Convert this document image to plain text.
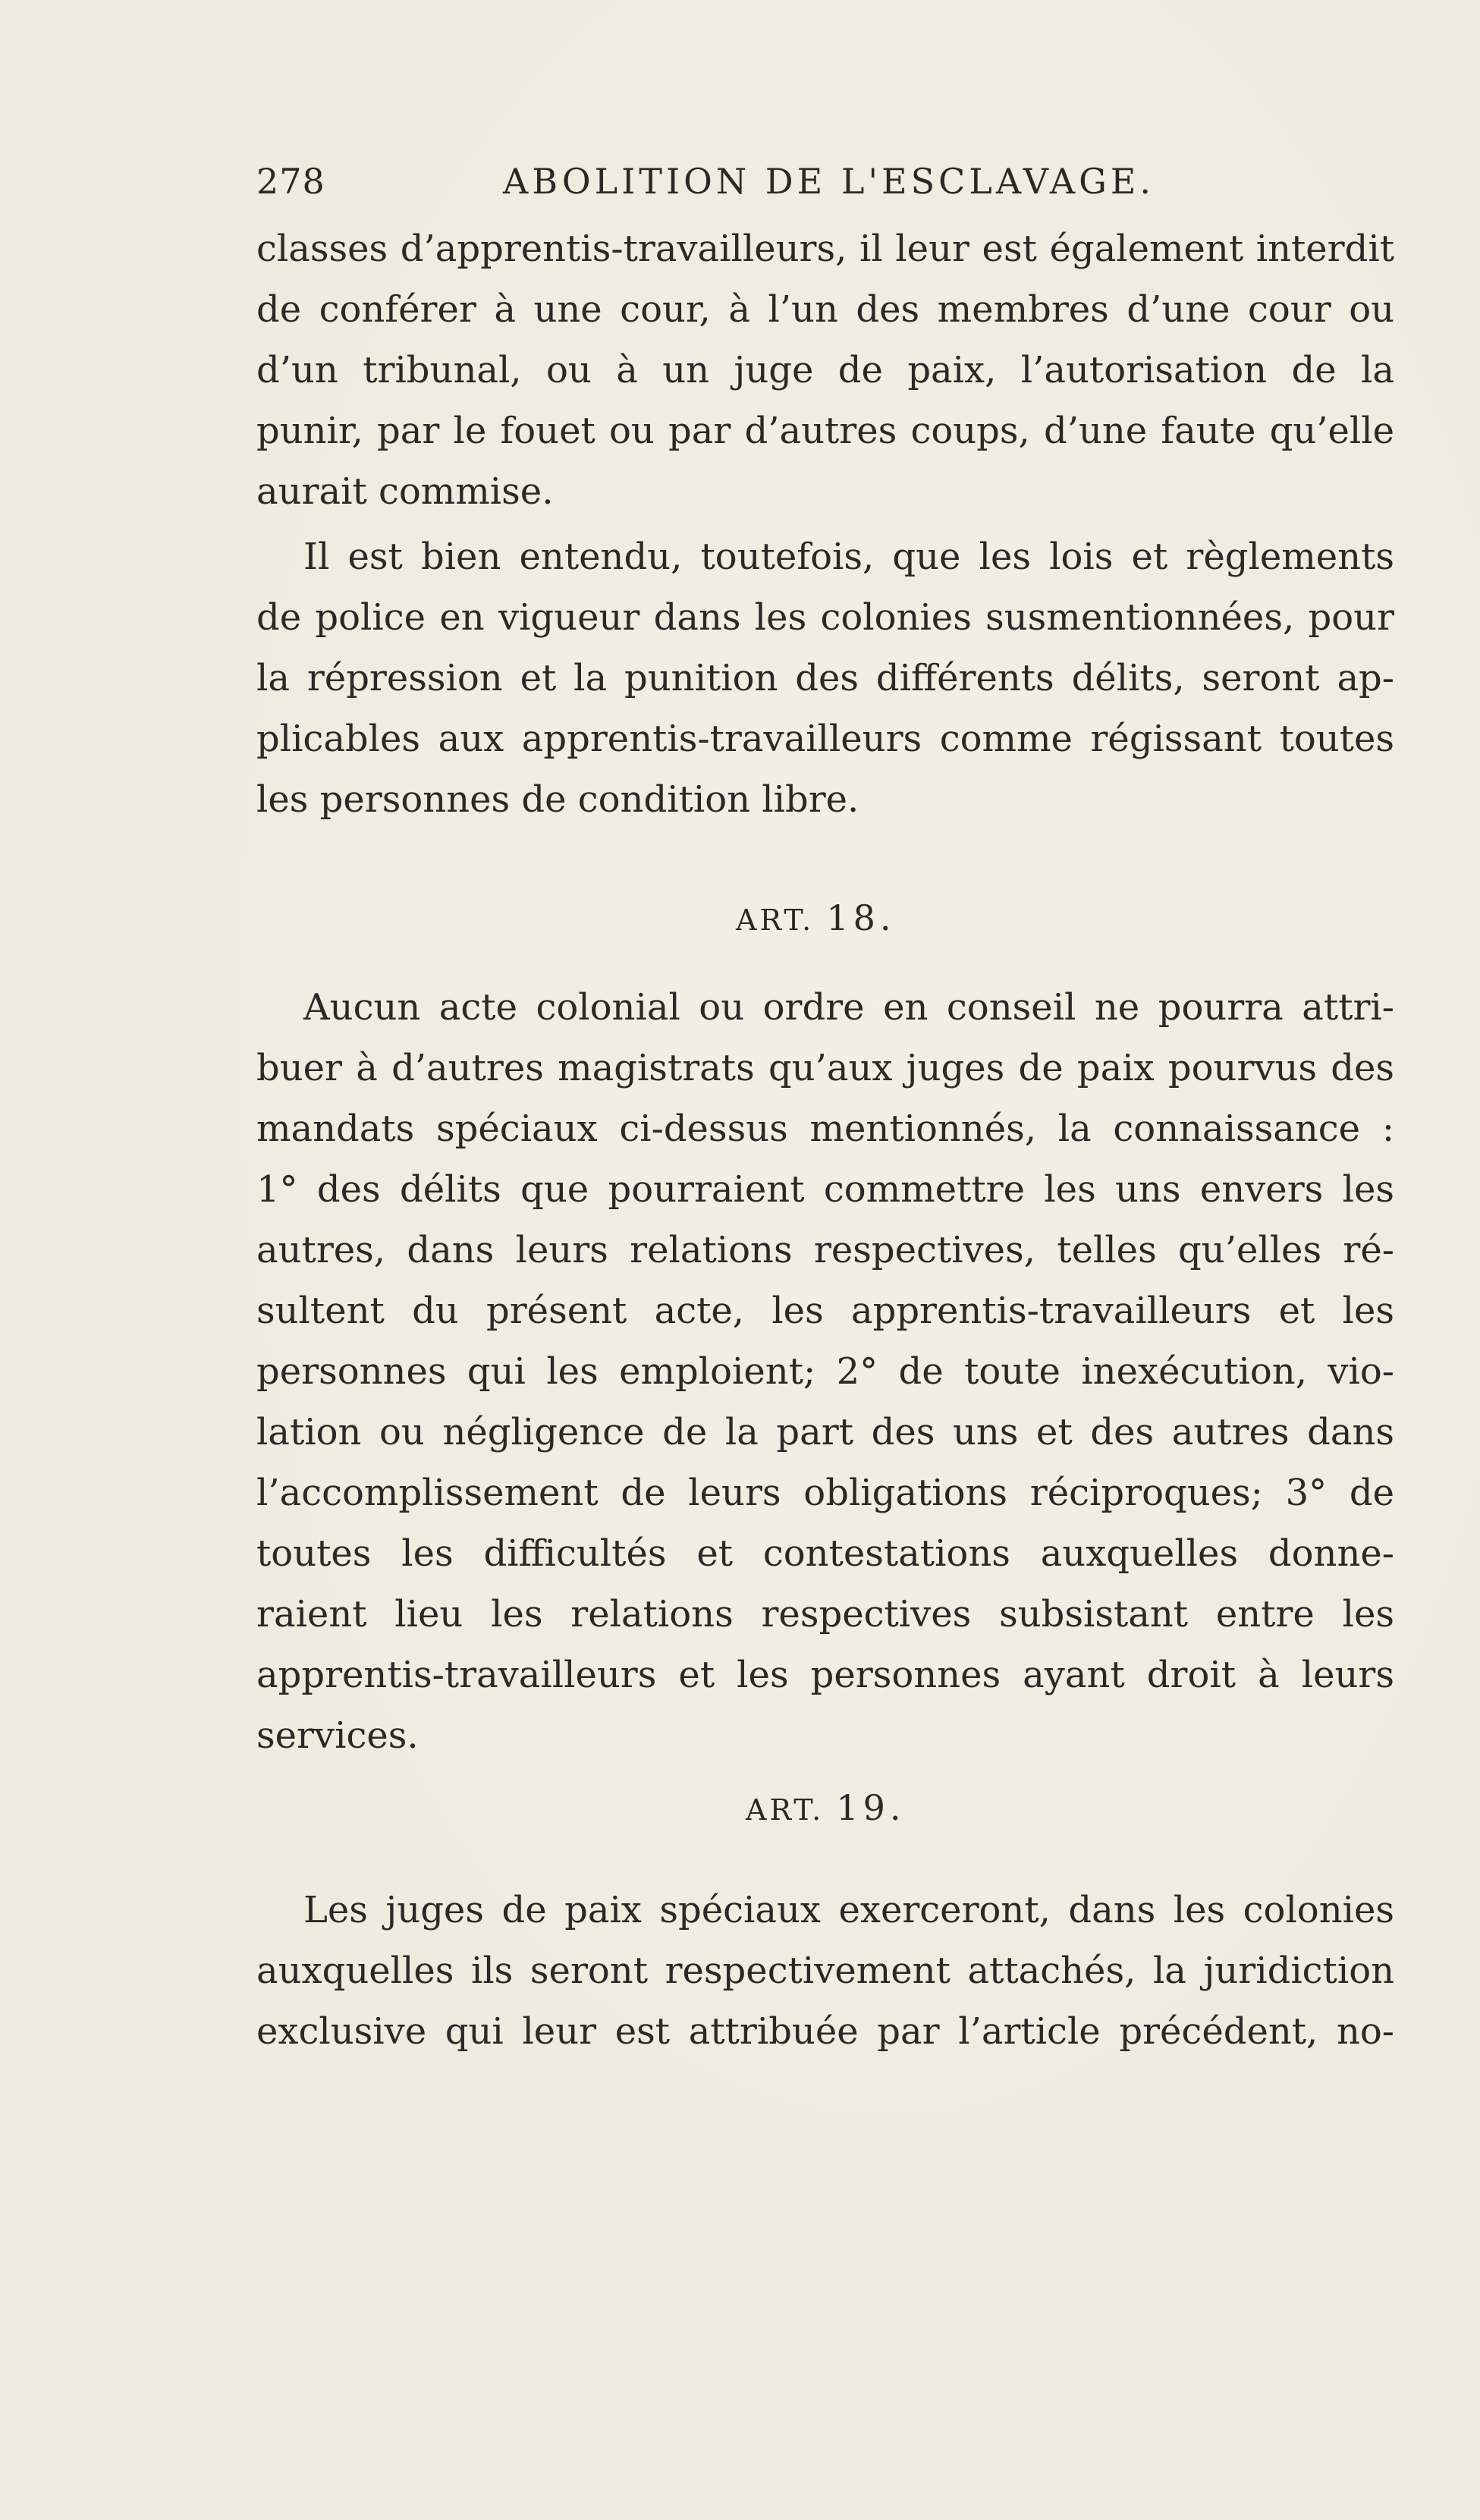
278	ABOLITION DE L'ESCLAVAGE.
classes d’apprentis-travailleurs, il leur est également interdit
de conférer à une cour, à l’un des membres d’une cour ou
d’un tribunal, ou à un juge de paix, l’autorisation de la
punir, par le fouet ou par d’autres coups, d’une faute qu’elle
aurait commise.
Il est bien entendu, toutefois, que les lois et règlements
de police en vigueur dans les colonies susmentionnées, pour
la répression et la punition des différents délits, seront ap-
plicables aux apprentis-travailleurs comme régissant toutes
les personnes de condition libre.
ART. 18.
Aucun acte colonial ou ordre en conseil ne pourra attri-
buer à d’autres magistrats qu’aux juges de paix pourvus des
mandats spéciaux ci-dessus mentionnés, la connaissance :
1° des délits que pourraient commettre les uns envers les
autres, dans leurs relations respectives, telles qu’elles ré-
sultent du présent acte, les apprentis-travailleurs et les
personnes qui les emploient; 2° de toute inexécution, vio-
lation ou négligence de la part des uns et des autres dans
l’accomplissement de leurs obligations réciproques; 3° de
toutes les difficultés et contestations auxquelles donne-
raient lieu les relations respectives subsistant entre les
apprentis-travailleurs et les personnes ayant droit à leurs
services.
ART. 19.
Les juges de paix spéciaux exerceront, dans les colonies
auxquelles ils seront respectivement attachés, la juridiction
exclusive qui leur est attribuée par l’article précédent, no-
